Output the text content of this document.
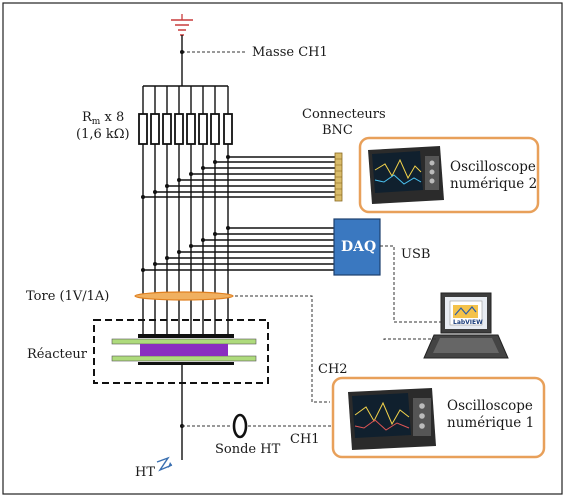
Masse CH1
$R_m$ x 8
(1,6 kΩ)
Connecteurs
BNC
Oscilloscope
numérique 2
DAQ USB
LabVIEW
Tore (1V/1A)
Réacteur
Sonde HT
CH1
CH2
HT
Oscilloscope
numérique 1
